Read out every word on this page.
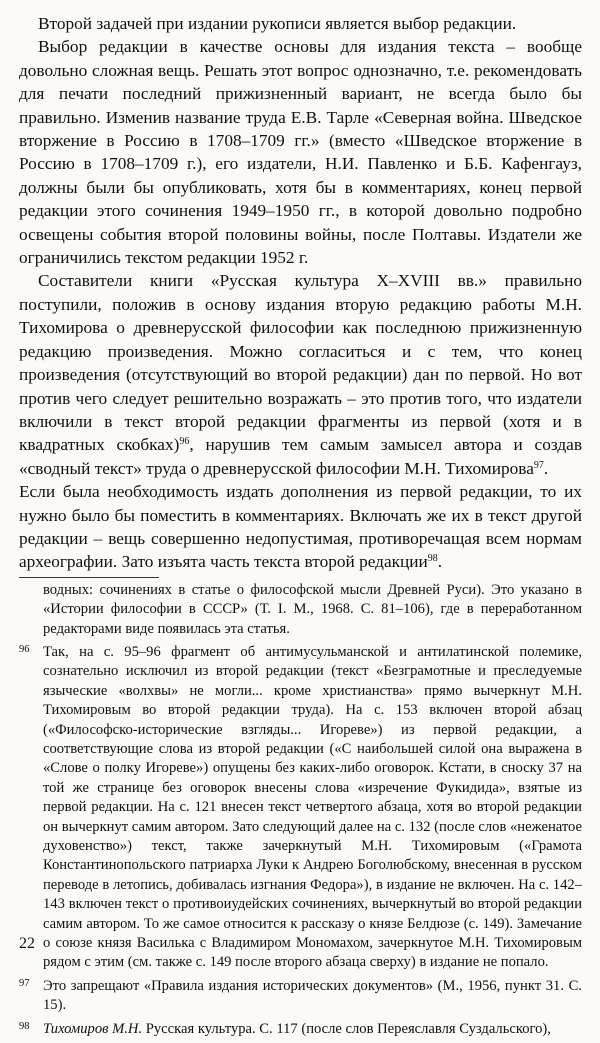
Второй задачей при издании рукописи является выбор редакции.

Выбор редакции в качестве основы для издания текста – вообще довольно сложная вещь. Решать этот вопрос однозначно, т.е. рекомендовать для печати последний прижизненный вариант, не всегда было бы правильно. Изменив название труда Е.В. Тарле «Северная война. Шведское вторжение в Россию в 1708–1709 гг.» (вместо «Шведское вторжение в Россию в 1708–1709 г.), его издатели, Н.И. Павленко и Б.Б. Кафенгауз, должны были бы опубликовать, хотя бы в комментариях, конец первой редакции этого сочинения 1949–1950 гг., в которой довольно подробно освещены события второй половины войны, после Полтавы. Издатели же ограничились текстом редакции 1952 г.

Составители книги «Русская культура X–XVIII вв.» правильно поступили, положив в основу издания вторую редакцию работы М.Н. Тихомирова о древнерусской философии как последнюю прижизненную редакцию произведения. Можно согласиться и с тем, что конец произведения (отсутствующий во второй редакции) дан по первой. Но вот против чего следует решительно возражать – это против того, что издатели включили в текст второй редакции фрагменты из первой (хотя и в квадратных скобках)$^{96}$, нарушив тем самым замысел автора и создав «сводный текст» труда о древнерусской философии М.Н. Тихомирова$^{97}$.

Если была необходимость издать дополнения из первой редакции, то их нужно было бы поместить в комментариях. Включать же их в текст другой редакции – вещь совершенно недопустимая, противоречащая всем нормам археографии. Зато изъята часть текста второй редакции$^{98}$.

водных: сочинениях в статье о философской мысли Древней Руси). Это указано в «Истории философии в СССР» (Т. I. М., 1968. С. 81–106), где в переработанном редакторами виде появилась эта статья.

96 Так, на с. 95–96 фрагмент об антимусульманской и антилатинской полемике, сознательно исключил из второй редакции (текст «Безграмотные и преследуемые языческие «волхвы» не могли... кроме христианства» прямо вычеркнут М.Н. Тихомировым во второй редакции труда). На с. 153 включен второй абзац («Философско-исторические взгляды... Игореве») из первой редакции, а соответствующие слова из второй редакции («С наибольшей силой она выражена в «Слове о полку Игореве») опущены без каких-либо оговорок. Кстати, в сноску 37 на той же странице без оговорок внесены слова «изречение Фукидида», взятые из первой редакции. На с. 121 внесен текст четвертого абзаца, хотя во второй редакции он вычеркнут самим автором. Зато следующий далее на с. 132 (после слов «неженатое духовенство») текст, также зачеркнутый М.Н. Тихомировым («Грамота Константинопольского патриарха Луки к Андрею Боголюбскому, внесенная в русском переводе в летопись, добивалась изгнания Федора»), в издание не включен. На с. 142–143 включен текст о противоиудейских сочинениях, вычеркнутый во второй редакции самим автором. То же самое относится к рассказу о князе Белдюзе (с. 149). Замечание о союзе князя Василька с Владимиром Мономахом, зачеркнутое М.Н. Тихомировым рядом с этим (см. также с. 149 после второго абзаца сверху) в издание не попало.

97 Это запрещают «Правила издания исторических документов» (М., 1956, пункт 31. С. 15).

98 Тихомиров М.Н. Русская культура. С. 117 (после слов Переяславля Суздальского),

22
